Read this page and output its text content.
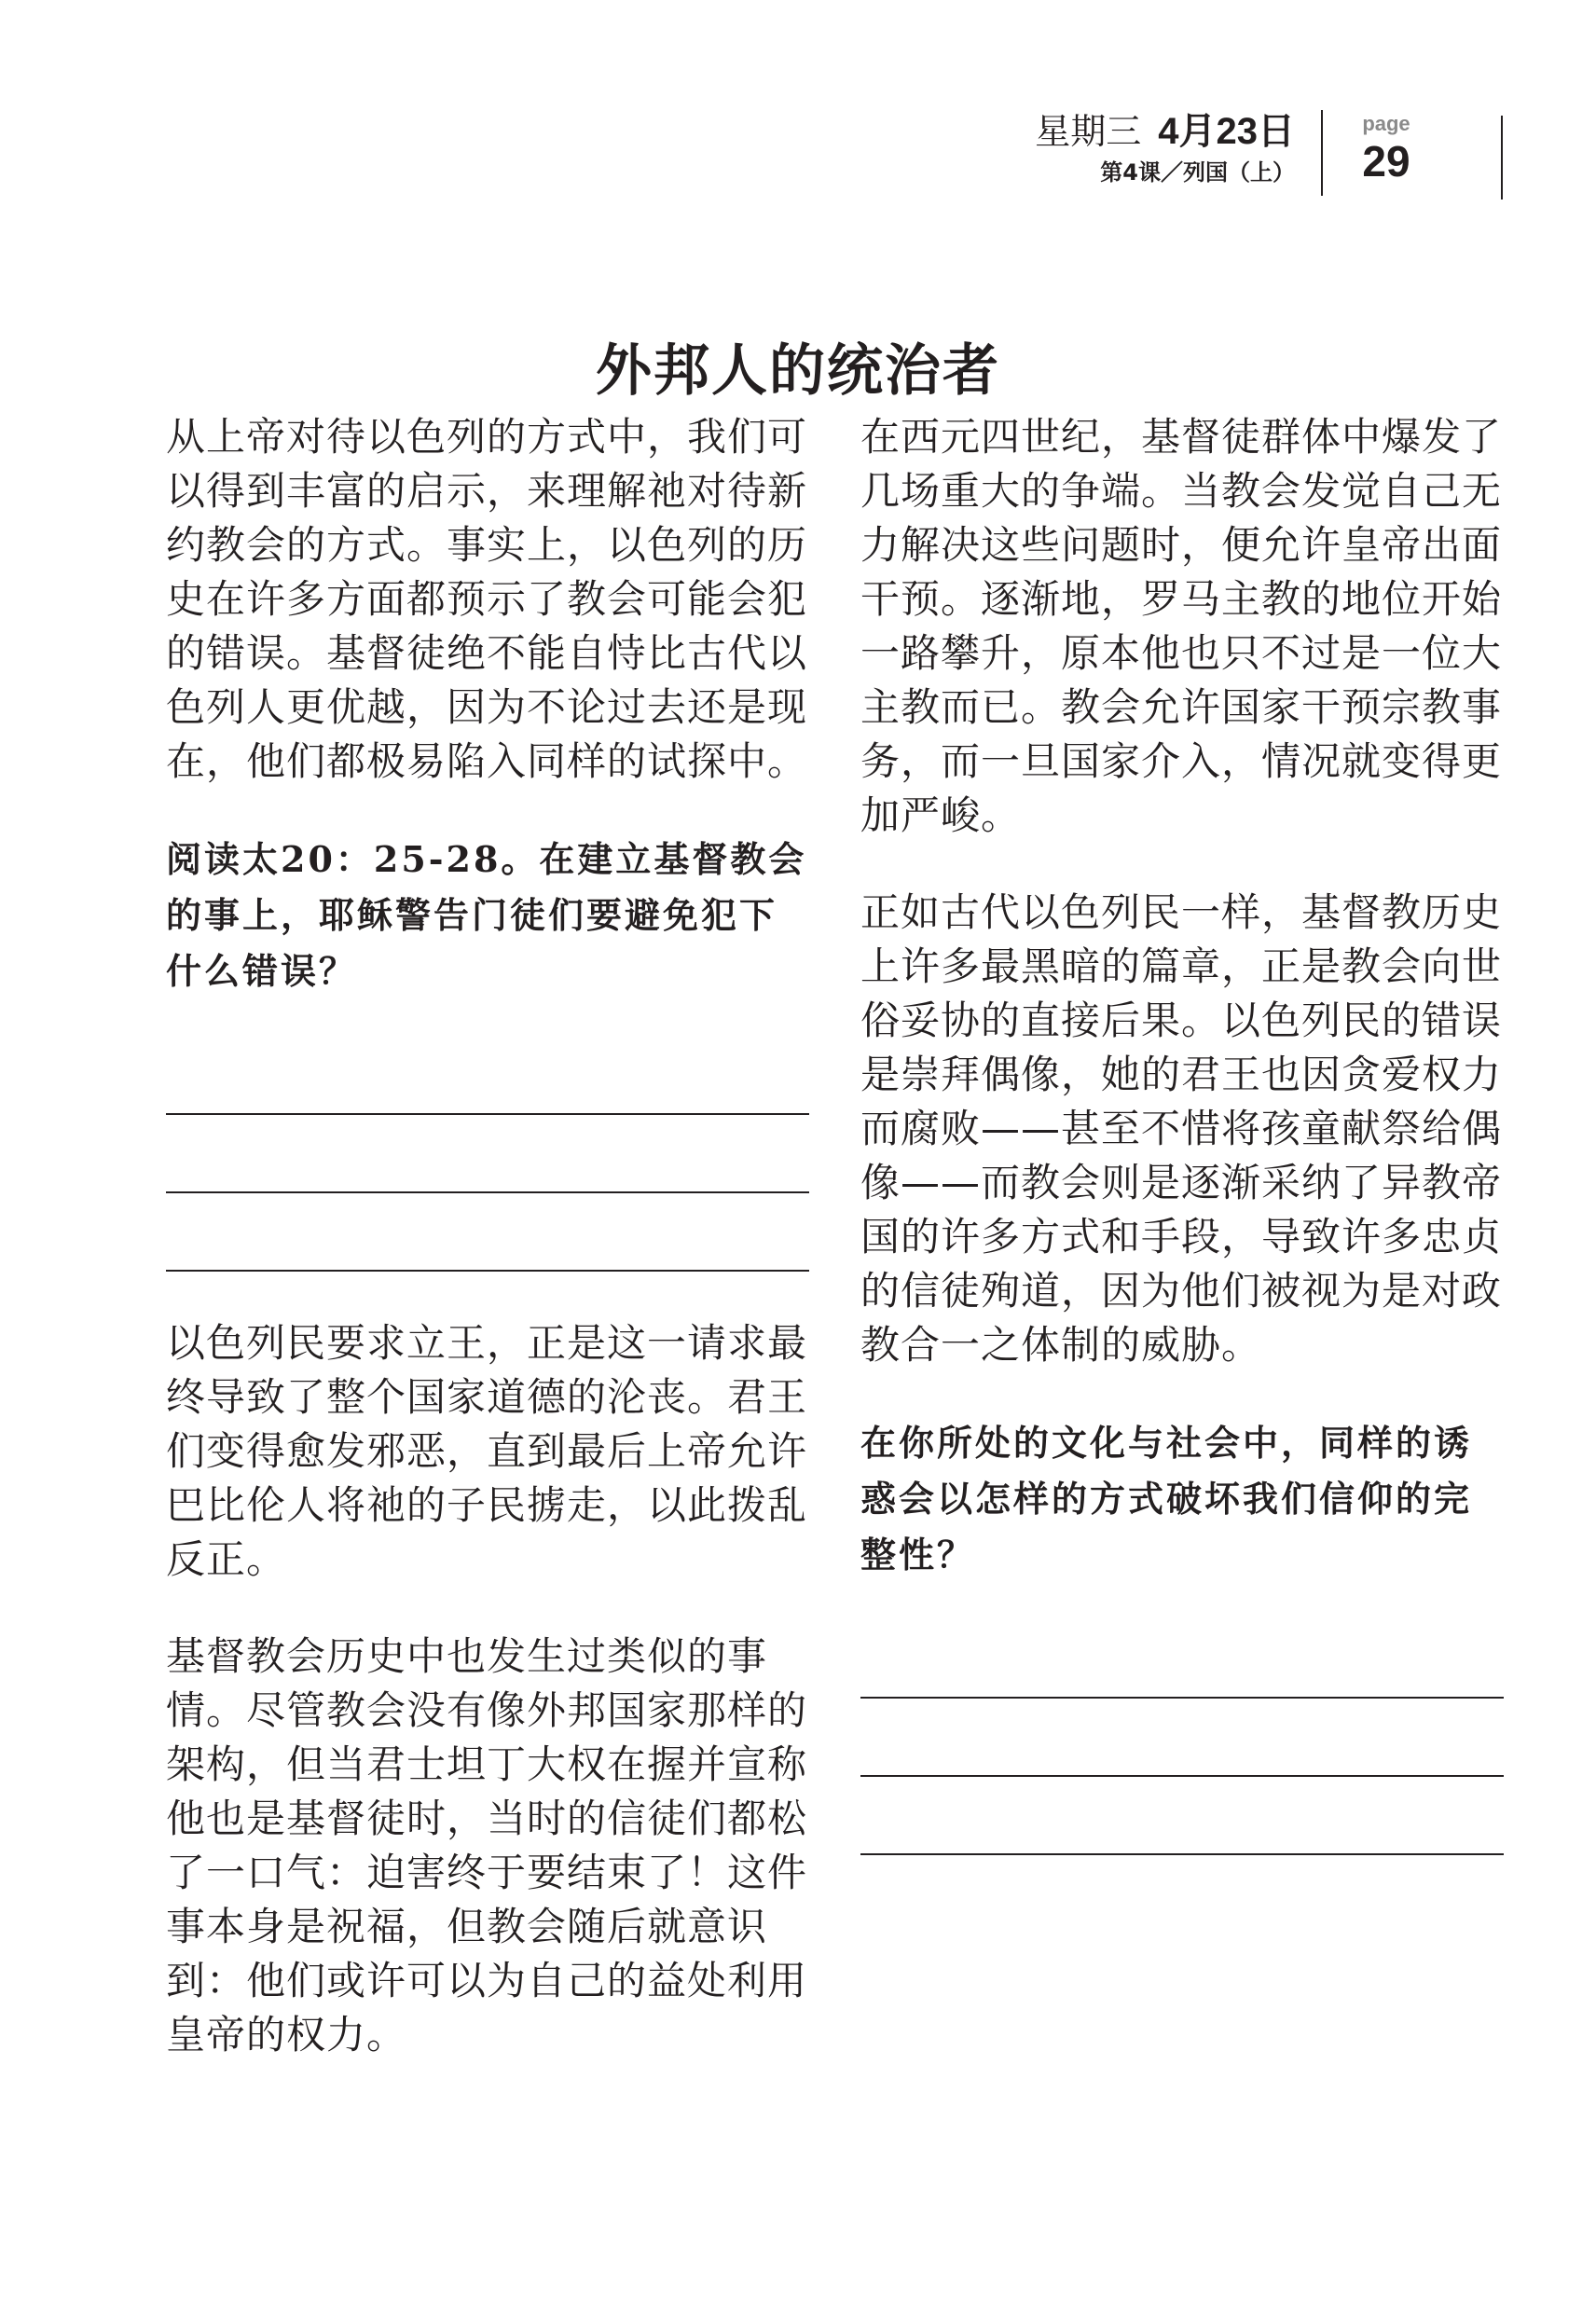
星期三 4月23日
第4课／列国（上）
page
29
外邦人的统治者

从上帝对待以色列的方式中，我们可以得到丰富的启示，来理解祂对待新约教会的方式。事实上，以色列的历史在许多方面都预示了教会可能会犯的错误。基督徒绝不能自恃比古代以色列人更优越，因为不论过去还是现在，他们都极易陷入同样的试探中。

阅读太20：25-28。在建立基督教会的事上，耶稣警告门徒们要避免犯下什么错误？

以色列民要求立王，正是这一请求最终导致了整个国家道德的沦丧。君王们变得愈发邪恶，直到最后上帝允许巴比伦人将祂的子民掳走，以此拨乱反正。

基督教会历史中也发生过类似的事情。尽管教会没有像外邦国家那样的架构，但当君士坦丁大权在握并宣称他也是基督徒时，当时的信徒们都松了一口气：迫害终于要结束了！这件事本身是祝福，但教会随后就意识到：他们或许可以为自己的益处利用皇帝的权力。

在西元四世纪，基督徒群体中爆发了几场重大的争端。当教会发觉自己无力解决这些问题时，便允许皇帝出面干预。逐渐地，罗马主教的地位开始一路攀升，原本他也只不过是一位大主教而已。教会允许国家干预宗教事务，而一旦国家介入，情况就变得更加严峻。

正如古代以色列民一样，基督教历史上许多最黑暗的篇章，正是教会向世俗妥协的直接后果。以色列民的错误是崇拜偶像，她的君王也因贪爱权力而腐败——甚至不惜将孩童献祭给偶像——而教会则是逐渐采纳了异教帝国的许多方式和手段，导致许多忠贞的信徒殉道，因为他们被视为是对政教合一之体制的威胁。

在你所处的文化与社会中，同样的诱惑会以怎样的方式破坏我们信仰的完整性？
